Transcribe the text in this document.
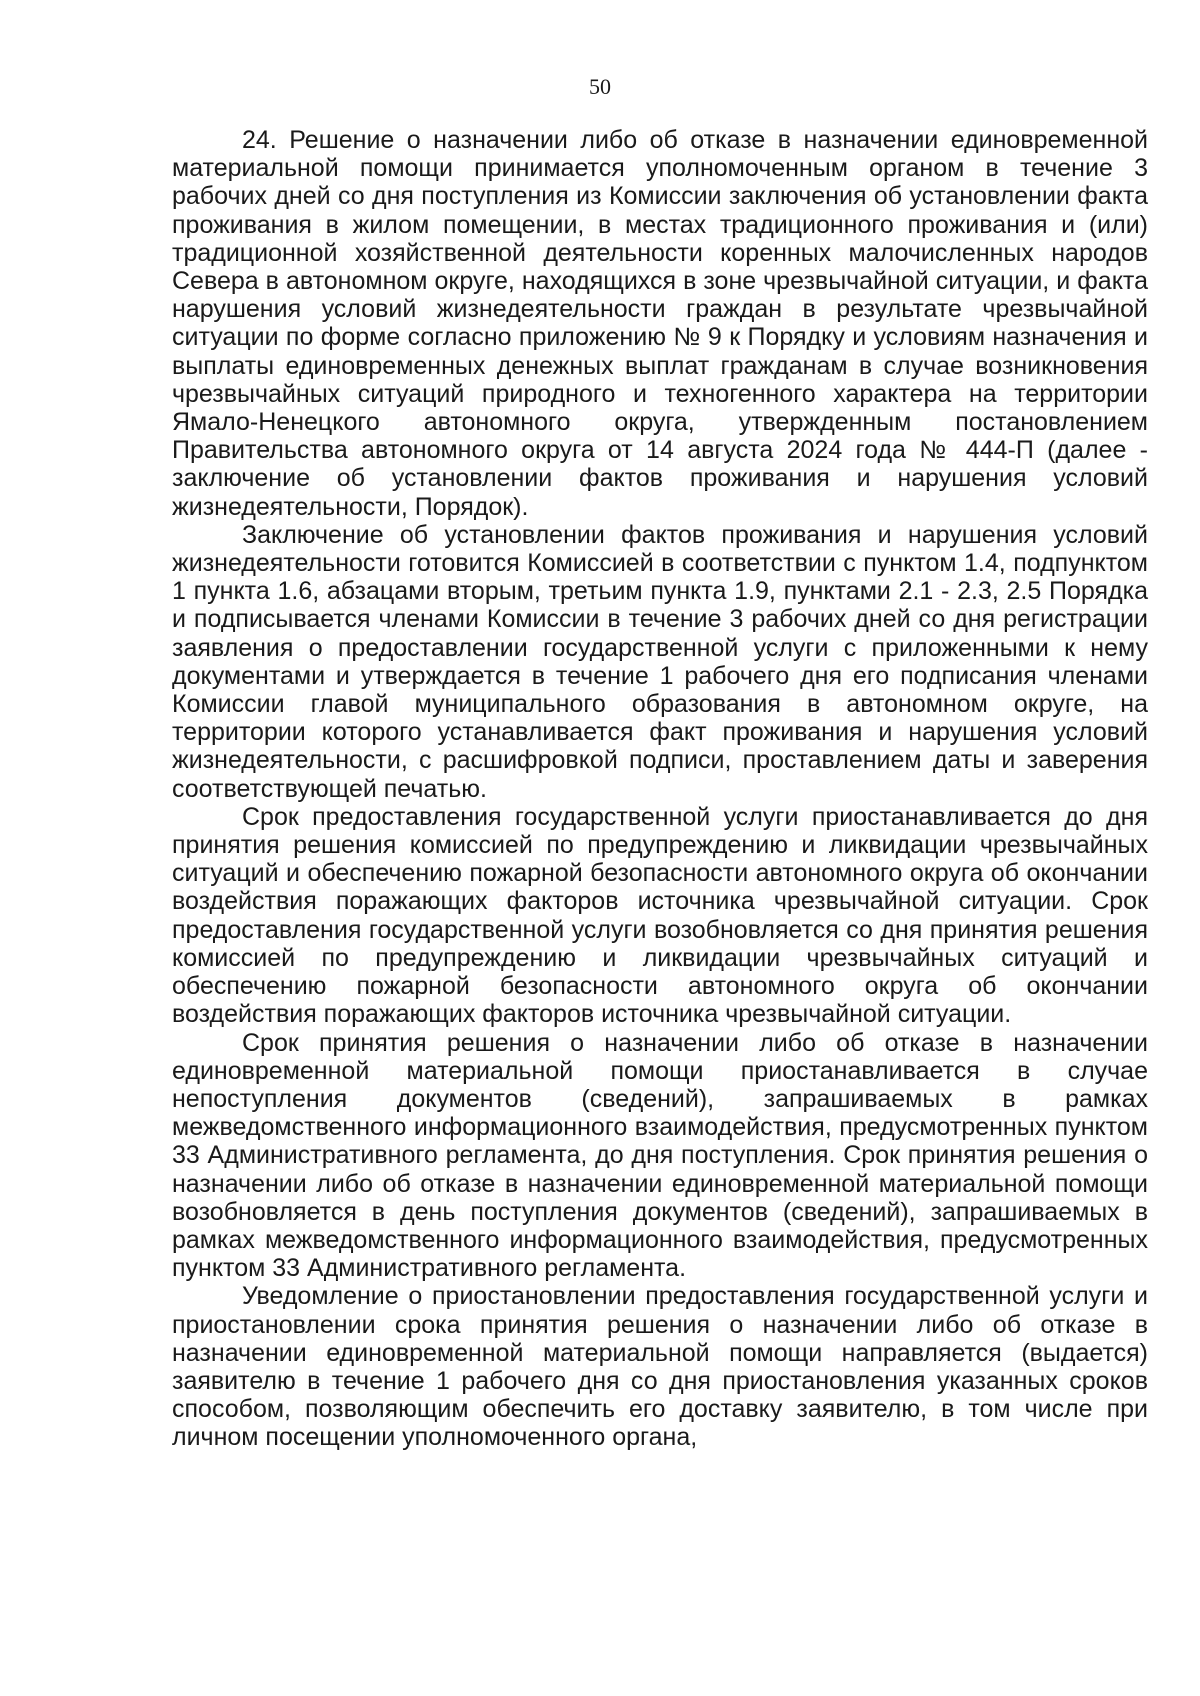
50

24. Решение о назначении либо об отказе в назначении единовременной материальной помощи принимается уполномоченным органом в течение 3 рабочих дней со дня поступления из Комиссии заключения об установлении факта проживания в жилом помещении, в местах традиционного проживания и (или) традиционной хозяйственной деятельности коренных малочисленных народов Севера в автономном округе, находящихся в зоне чрезвычайной ситуации, и факта нарушения условий жизнедеятельности граждан в результате чрезвычайной ситуации по форме согласно приложению № 9 к Порядку и условиям назначения и выплаты единовременных денежных выплат гражданам в случае возникновения чрезвычайных ситуаций природного и техногенного характера на территории Ямало-Ненецкого автономного округа, утвержденным постановлением Правительства автономного округа от 14 августа 2024 года № 444-П (далее - заключение об установлении фактов проживания и нарушения условий жизнедеятельности, Порядок).

Заключение об установлении фактов проживания и нарушения условий жизнедеятельности готовится Комиссией в соответствии с пунктом 1.4, подпунктом 1 пункта 1.6, абзацами вторым, третьим пункта 1.9, пунктами 2.1 - 2.3, 2.5 Порядка и подписывается членами Комиссии в течение 3 рабочих дней со дня регистрации заявления о предоставлении государственной услуги с приложенными к нему документами и утверждается в течение 1 рабочего дня его подписания членами Комиссии главой муниципального образования в автономном округе, на территории которого устанавливается факт проживания и нарушения условий жизнедеятельности, с расшифровкой подписи, проставлением даты и заверения соответствующей печатью.

Срок предоставления государственной услуги приостанавливается до дня принятия решения комиссией по предупреждению и ликвидации чрезвычайных ситуаций и обеспечению пожарной безопасности автономного округа об окончании воздействия поражающих факторов источника чрезвычайной ситуации. Срок предоставления государственной услуги возобновляется со дня принятия решения комиссией по предупреждению и ликвидации чрезвычайных ситуаций и обеспечению пожарной безопасности автономного округа об окончании воздействия поражающих факторов источника чрезвычайной ситуации.

Срок принятия решения о назначении либо об отказе в назначении единовременной материальной помощи приостанавливается в случае непоступления документов (сведений), запрашиваемых в рамках межведомственного информационного взаимодействия, предусмотренных пунктом 33 Административного регламента, до дня поступления. Срок принятия решения о назначении либо об отказе в назначении единовременной материальной помощи возобновляется в день поступления документов (сведений), запрашиваемых в рамках межведомственного информационного взаимодействия, предусмотренных пунктом 33 Административного регламента.

Уведомление о приостановлении предоставления государственной услуги и приостановлении срока принятия решения о назначении либо об отказе в назначении единовременной материальной помощи направляется (выдается) заявителю в течение 1 рабочего дня со дня приостановления указанных сроков способом, позволяющим обеспечить его доставку заявителю, в том числе при личном посещении уполномоченного органа,
